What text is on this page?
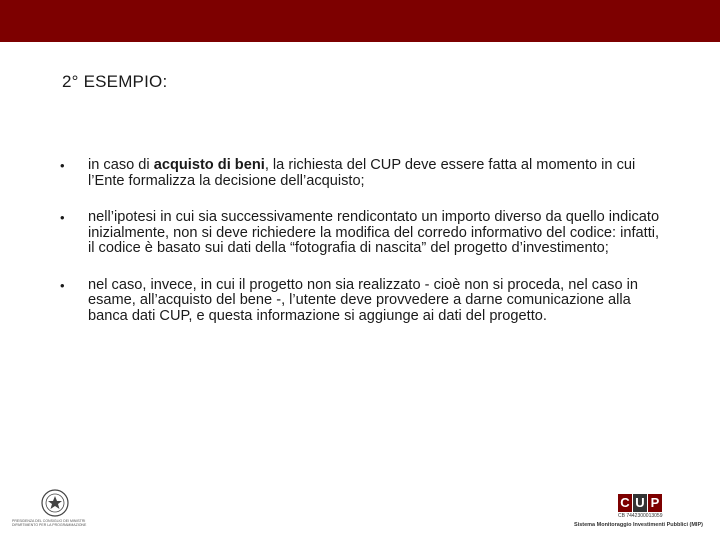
2° ESEMPIO:
• in caso di acquisto di beni, la richiesta del CUP deve essere fatta al momento in cui l’Ente formalizza la decisione dell’acquisto;
• nell’ipotesi in cui sia successivamente rendicontato un importo diverso da quello indicato inizialmente, non si deve richiedere la modifica del corredo informativo del codice: infatti, il codice è basato sui dati della “fotografia di nascita” del progetto d’investimento;
• nel caso, invece, in cui il progetto non sia realizzato - cioè non si proceda, nel caso in esame, all’acquisto del bene -, l’utente deve provvedere a darne comunicazione alla banca dati CUP, e questa informazione si aggiunge ai dati del progetto.
PRESIDENZA DEL CONSIGLIO DEI MINISTRI
DIPARTIMENTO PER LA PROGRAMMAZIONE
C U P
CB 7442300013059
Sistema Monitoraggio Investimenti Pubblici (MIP)
